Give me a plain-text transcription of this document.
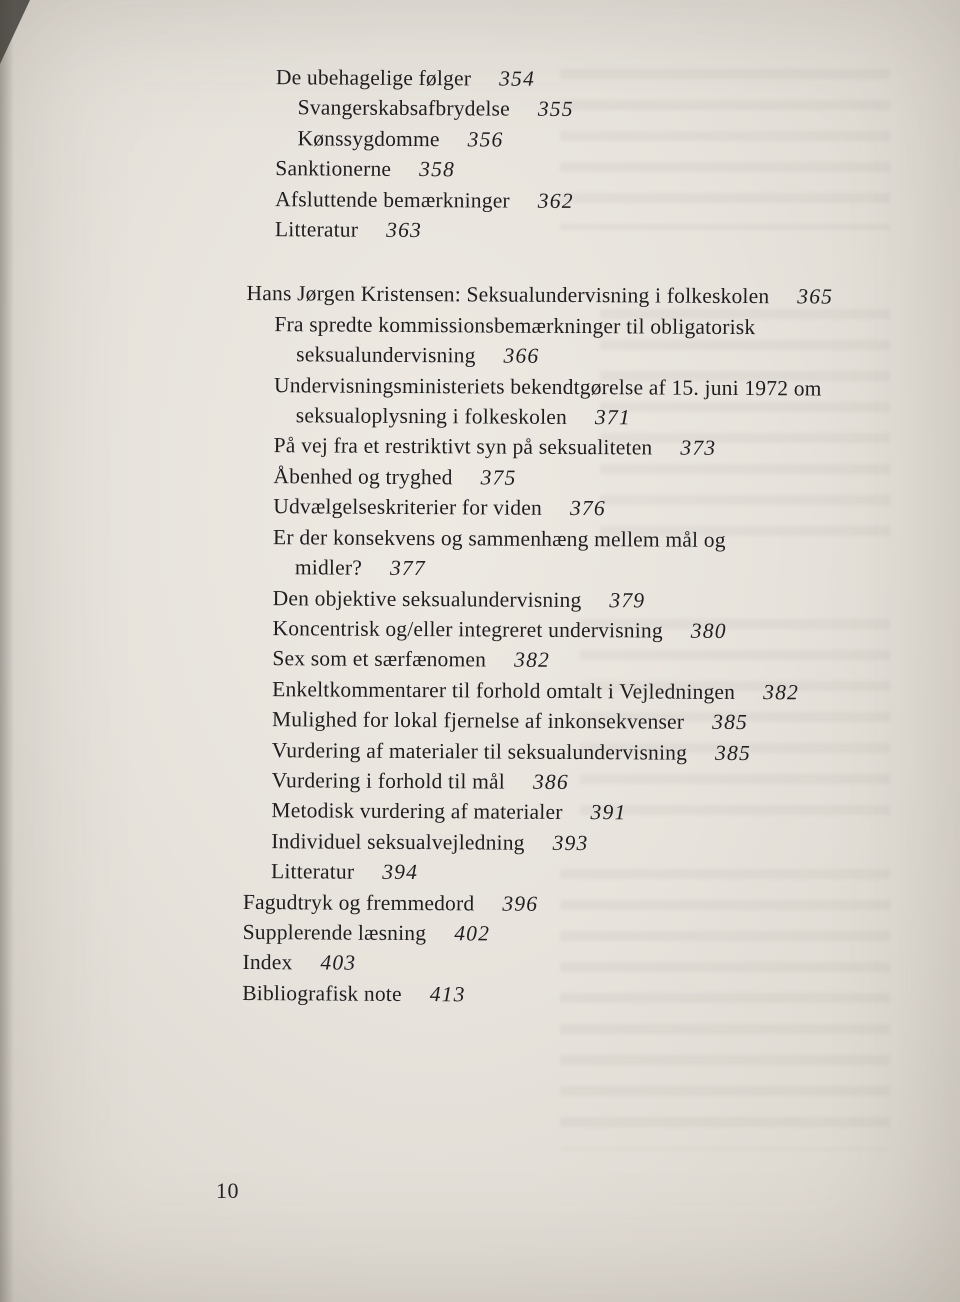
De ubehagelige følger 354
Svangerskabsafbrydelse 355
Kønssygdomme 356
Sanktionerne 358
Afsluttende bemærkninger 362
Litteratur 363
Hans Jørgen Kristensen: Seksualundervisning i folkeskolen 365
Fra spredte kommissionsbemærkninger til obligatorisk
seksualundervisning 366
Undervisningsministeriets bekendtgørelse af 15. juni 1972 om
seksualoplysning i folkeskolen 371
På vej fra et restriktivt syn på seksualiteten 373
Åbenhed og tryghed 375
Udvælgelseskriterier for viden 376
Er der konsekvens og sammenhæng mellem mål og
midler? 377
Den objektive seksualundervisning 379
Koncentrisk og/eller integreret undervisning 380
Sex som et særfænomen 382
Enkeltkommentarer til forhold omtalt i Vejledningen 382
Mulighed for lokal fjernelse af inkonsekvenser 385
Vurdering af materialer til seksualundervisning 385
Vurdering i forhold til mål 386
Metodisk vurdering af materialer 391
Individuel seksualvejledning 393
Litteratur 394
Fagudtryk og fremmedord 396
Supplerende læsning 402
Index 403
Bibliografisk note 413
10
